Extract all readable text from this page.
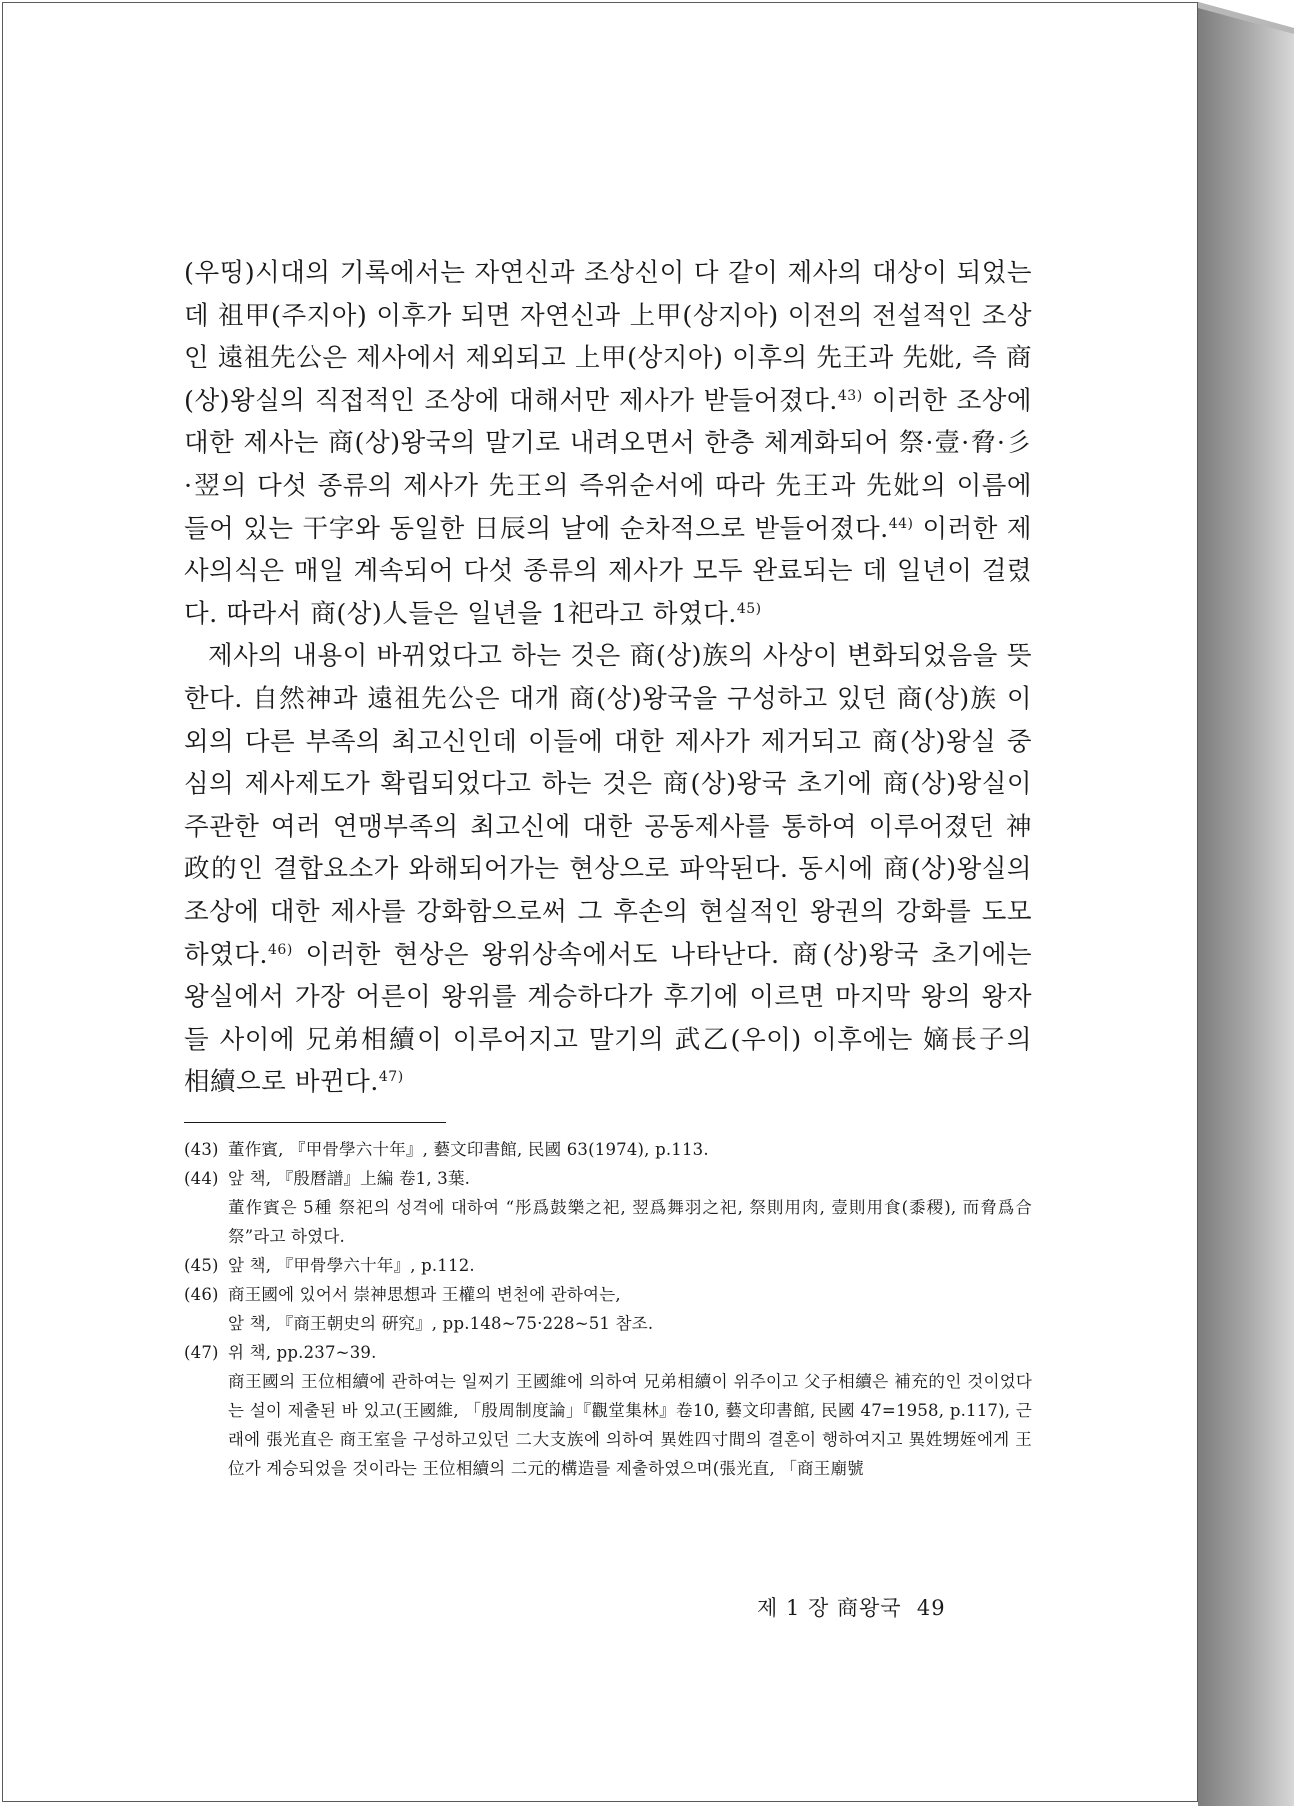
(우띵)시대의 기록에서는 자연신과 조상신이 다 같이 제사의 대상이 되었는데 祖甲(주지아) 이후가 되면 자연신과 上甲(상지아) 이전의 전설적인 조상인 遠祖先公은 제사에서 제외되고 上甲(상지아) 이후의 先王과 先妣, 즉 商(상)왕실의 직접적인 조상에 대해서만 제사가 받들어졌다.$^{43)}$ 이러한 조상에 대한 제사는 商(상)왕국의 말기로 내려오면서 한층 체계화되어 祭·壹·脅·彡·翌의 다섯 종류의 제사가 先王의 즉위순서에 따라 先王과 先妣의 이름에 들어 있는 干字와 동일한 日辰의 날에 순차적으로 받들어졌다.$^{44)}$ 이러한 제사의식은 매일 계속되어 다섯 종류의 제사가 모두 완료되는 데 일년이 걸렸다. 따라서 商(상)人들은 일년을 1祀라고 하였다.$^{45)}$

제사의 내용이 바뀌었다고 하는 것은 商(상)族의 사상이 변화되었음을 뜻한다. 自然神과 遠祖先公은 대개 商(상)왕국을 구성하고 있던 商(상)族 이외의 다른 부족의 최고신인데 이들에 대한 제사가 제거되고 商(상)왕실 중심의 제사제도가 확립되었다고 하는 것은 商(상)왕국 초기에 商(상)왕실이 주관한 여러 연맹부족의 최고신에 대한 공동제사를 통하여 이루어졌던 神政的인 결합요소가 와해되어가는 현상으로 파악된다. 동시에 商(상)왕실의 조상에 대한 제사를 강화함으로써 그 후손의 현실적인 왕권의 강화를 도모하였다.$^{46)}$ 이러한 현상은 왕위상속에서도 나타난다. 商(상)왕국 초기에는 왕실에서 가장 어른이 왕위를 계승하다가 후기에 이르면 마지막 왕의 왕자들 사이에 兄弟相續이 이루어지고 말기의 武乙(우이) 이후에는 嫡長子의 相續으로 바뀐다.$^{47)}$

(43) 董作賓, 『甲骨學六十年』, 藝文印書館, 民國 63(1974), p.113.

(44) 앞 책, 『殷曆譜』上編 卷1, 3葉.

董作賓은 5種 祭祀의 성격에 대하여 “彤爲鼓樂之祀, 翌爲舞羽之祀, 祭則用肉, 壹則用食(黍稷), 而脅爲合祭”라고 하였다.

(45) 앞 책, 『甲骨學六十年』, p.112.

(46) 商王國에 있어서 崇神思想과 王權의 변천에 관하여는,

앞 책, 『商王朝史의 硏究』, pp.148~75·228~51 참조.

(47) 위 책, pp.237~39.

商王國의 王位相續에 관하여는 일찌기 王國維에 의하여 兄弟相續이 위주이고 父子相續은 補充的인 것이었다는 설이 제출된 바 있고(王國維, 「殷周制度論」『觀堂集林』卷10, 藝文印書館, 民國 47=1958, p.117), 근래에 張光直은 商王室을 구성하고있던 二大支族에 의하여 異姓四寸間의 결혼이 행하여지고 異姓甥姪에게 王位가 계승되었을 것이라는 王位相續의 二元的構造를 제출하였으며(張光直, 「商王廟號

제 1 장 商왕국 49
